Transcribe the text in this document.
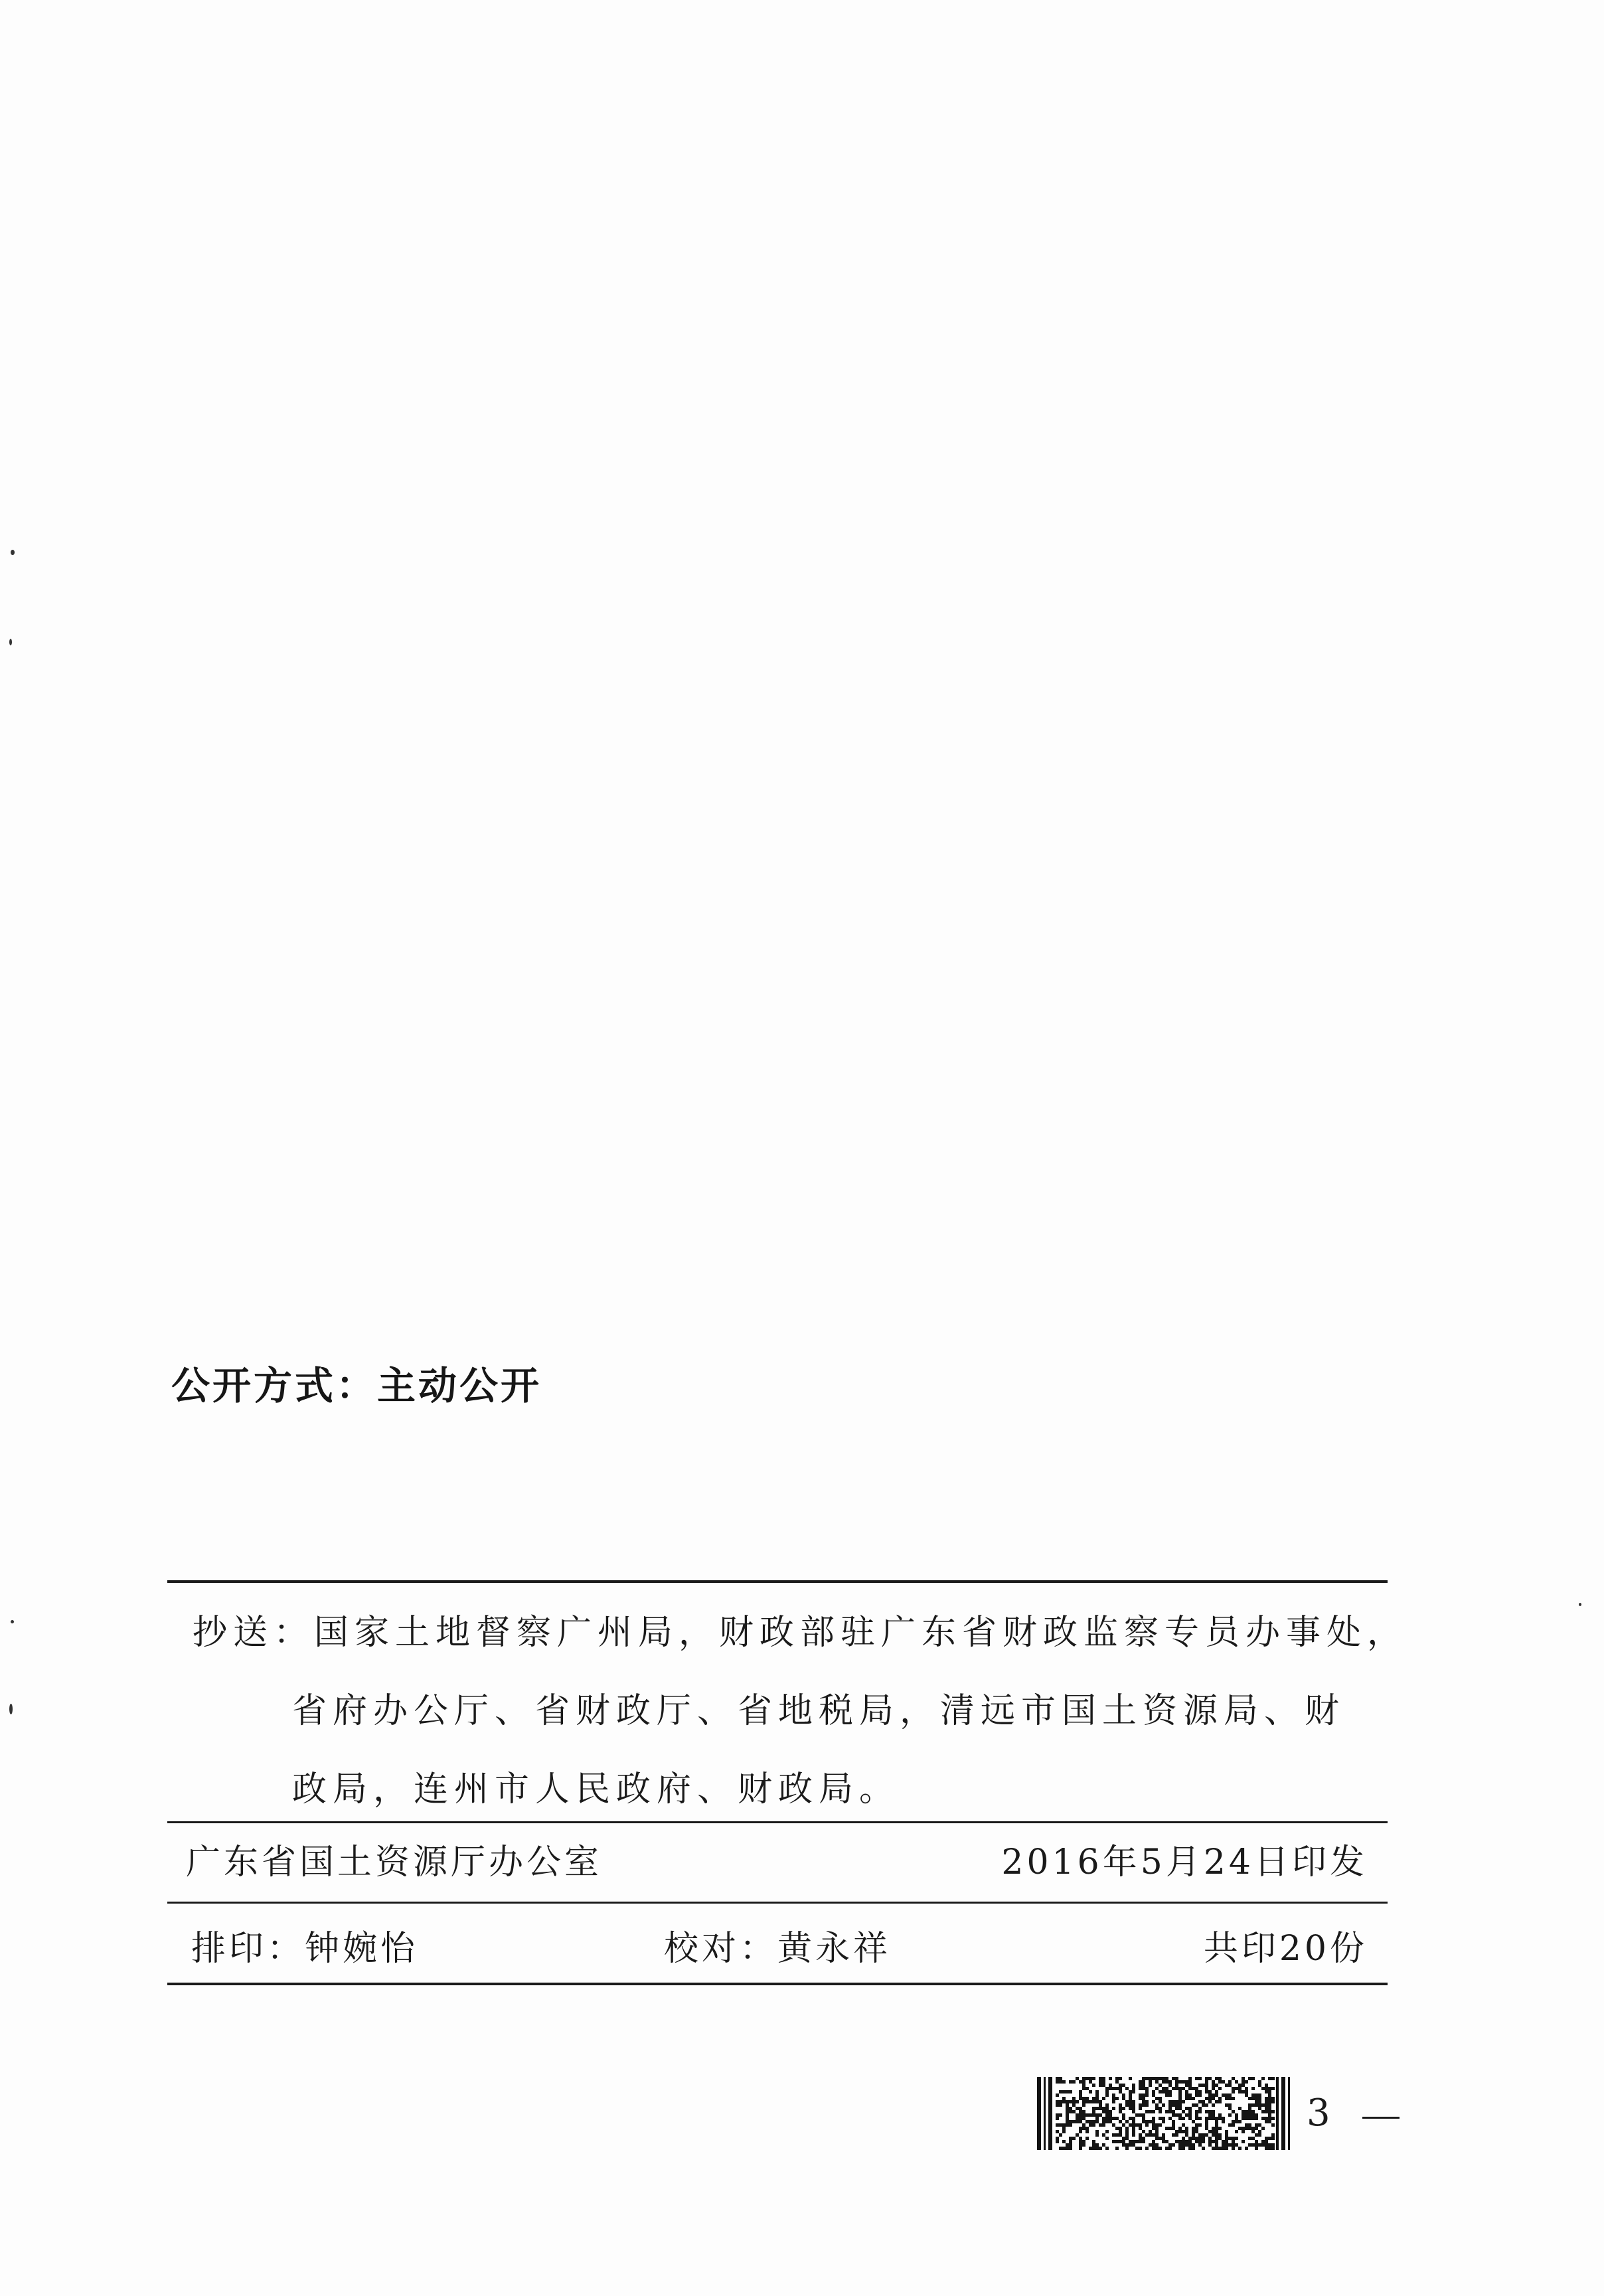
公开方式：主动公开
抄送：国家土地督察广州局，财政部驻广东省财政监察专员办事处，
省府办公厅、省财政厅、省地税局，清远市国土资源局、财
政局，连州市人民政府、财政局。
广东省国土资源厅办公室	2016年5月24日印发
排印：钟婉怡	校对：黄永祥	共印20份
3
